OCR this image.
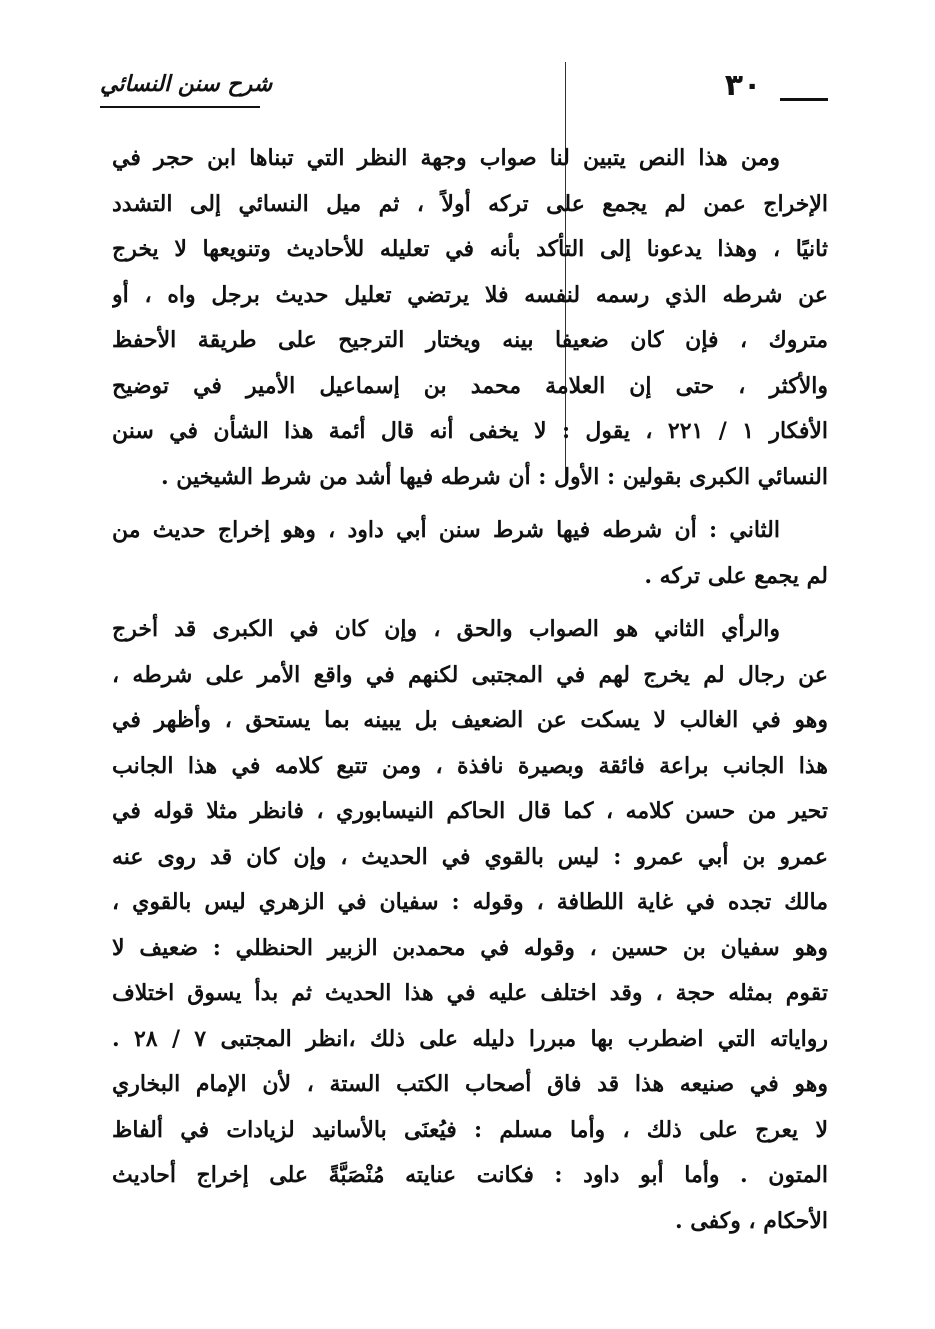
شرح سنن النسائي	٣٠
ومن هذا النص يتبين لنا صواب وجهة النظر التي تبناها ابن حجر في
الإخراج عمن لم يجمع على تركه أولاً ، ثم ميل النسائي إلى التشدد
ثانيًا ، وهذا يدعونا إلى التأكد بأنه في تعليله للأحاديث وتنويعها لا يخرج
عن شرطه الذي رسمه لنفسه فلا يرتضي تعليل حديث برجل واه ، أو
متروك ، فإن كان ضعيفا بينه ويختار الترجيح على طريقة الأحفظ
والأكثر ، حتى إن العلامة محمد بن إسماعيل الأمير في توضيح
الأفكار ١ / ٢٢١ ، يقول : لا يخفى أنه قال أئمة هذا الشأن في سنن
النسائي الكبرى بقولين : الأول : أن شرطه فيها أشد من شرط الشيخين .
الثاني : أن شرطه فيها شرط سنن أبي داود ، وهو إخراج حديث من
لم يجمع على تركه .
والرأي الثاني هو الصواب والحق ، وإن كان في الكبرى قد أخرج
عن رجال لم يخرج لهم في المجتبى لكنهم في واقع الأمر على شرطه ،
وهو في الغالب لا يسكت عن الضعيف بل يبينه بما يستحق ، وأظهر في
هذا الجانب براعة فائقة وبصيرة نافذة ، ومن تتبع كلامه في هذا الجانب
تحير من حسن كلامه ، كما قال الحاكم النيسابوري ، فانظر مثلا قوله في
عمرو بن أبي عمرو : ليس بالقوي في الحديث ، وإن كان قد روى عنه
مالك تجده في غاية اللطافة ، وقوله : سفيان في الزهري ليس بالقوي ،
وهو سفيان بن حسين ، وقوله في محمدبن الزبير الحنظلي : ضعيف لا
تقوم بمثله حجة ، وقد اختلف عليه في هذا الحديث ثم بدأ يسوق اختلاف
رواياته التي اضطرب بها مبررا دليله على ذلك ،انظر المجتبى ٧ / ٢٨ .
وهو في صنيعه هذا قد فاق أصحاب الكتب الستة ، لأن الإمام البخاري
لا يعرج على ذلك ، وأما مسلم : فيُعنَى بالأسانيد لزيادات في ألفاظ
المتون . وأما أبو داود : فكانت عنايته مُنْصَبَّةً على إخراج أحاديث
الأحكام ، وكفى .
